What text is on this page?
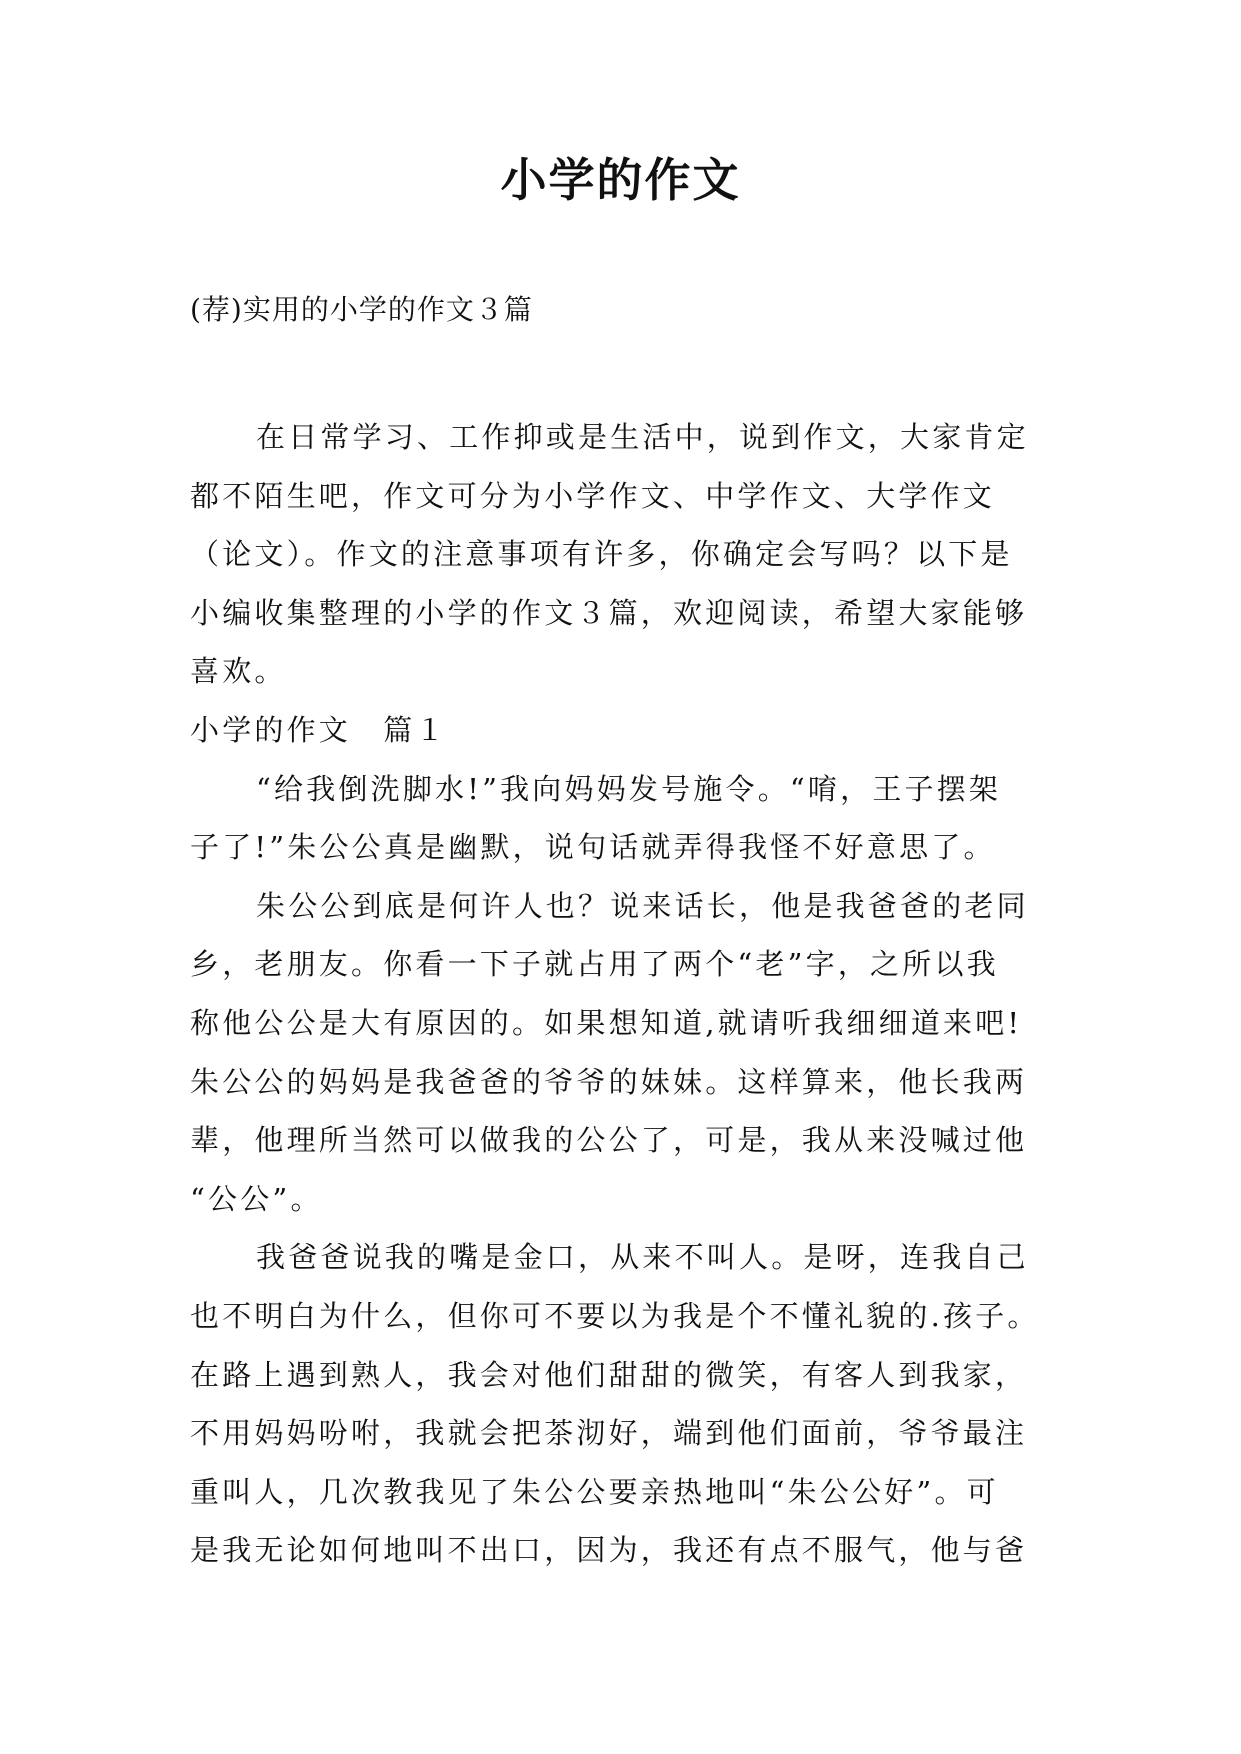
小学的作文
(荐)实用的小学的作文３篇
在日常学习、工作抑或是生活中，说到作文，大家肯定
都不陌生吧，作文可分为小学作文、中学作文、大学作文
（论文）。作文的注意事项有许多，你确定会写吗？以下是
小编收集整理的小学的作文３篇，欢迎阅读，希望大家能够
喜欢。
小学的作文　篇１
“给我倒洗脚水!”我向妈妈发号施令。“唷，王子摆架
子了!”朱公公真是幽默，说句话就弄得我怪不好意思了。
朱公公到底是何许人也？说来话长，他是我爸爸的老同
乡，老朋友。你看一下子就占用了两个“老”字，之所以我
称他公公是大有原因的。如果想知道,就请听我细细道来吧!
朱公公的妈妈是我爸爸的爷爷的妹妹。这样算来，他长我两
辈，他理所当然可以做我的公公了，可是，我从来没喊过他
“公公”。
我爸爸说我的嘴是金口，从来不叫人。是呀，连我自己
也不明白为什么，但你可不要以为我是个不懂礼貌的.孩子。
在路上遇到熟人，我会对他们甜甜的微笑，有客人到我家，
不用妈妈吩咐，我就会把茶沏好，端到他们面前，爷爷最注
重叫人，几次教我见了朱公公要亲热地叫“朱公公好”。可
是我无论如何地叫不出口，因为，我还有点不服气，他与爸
